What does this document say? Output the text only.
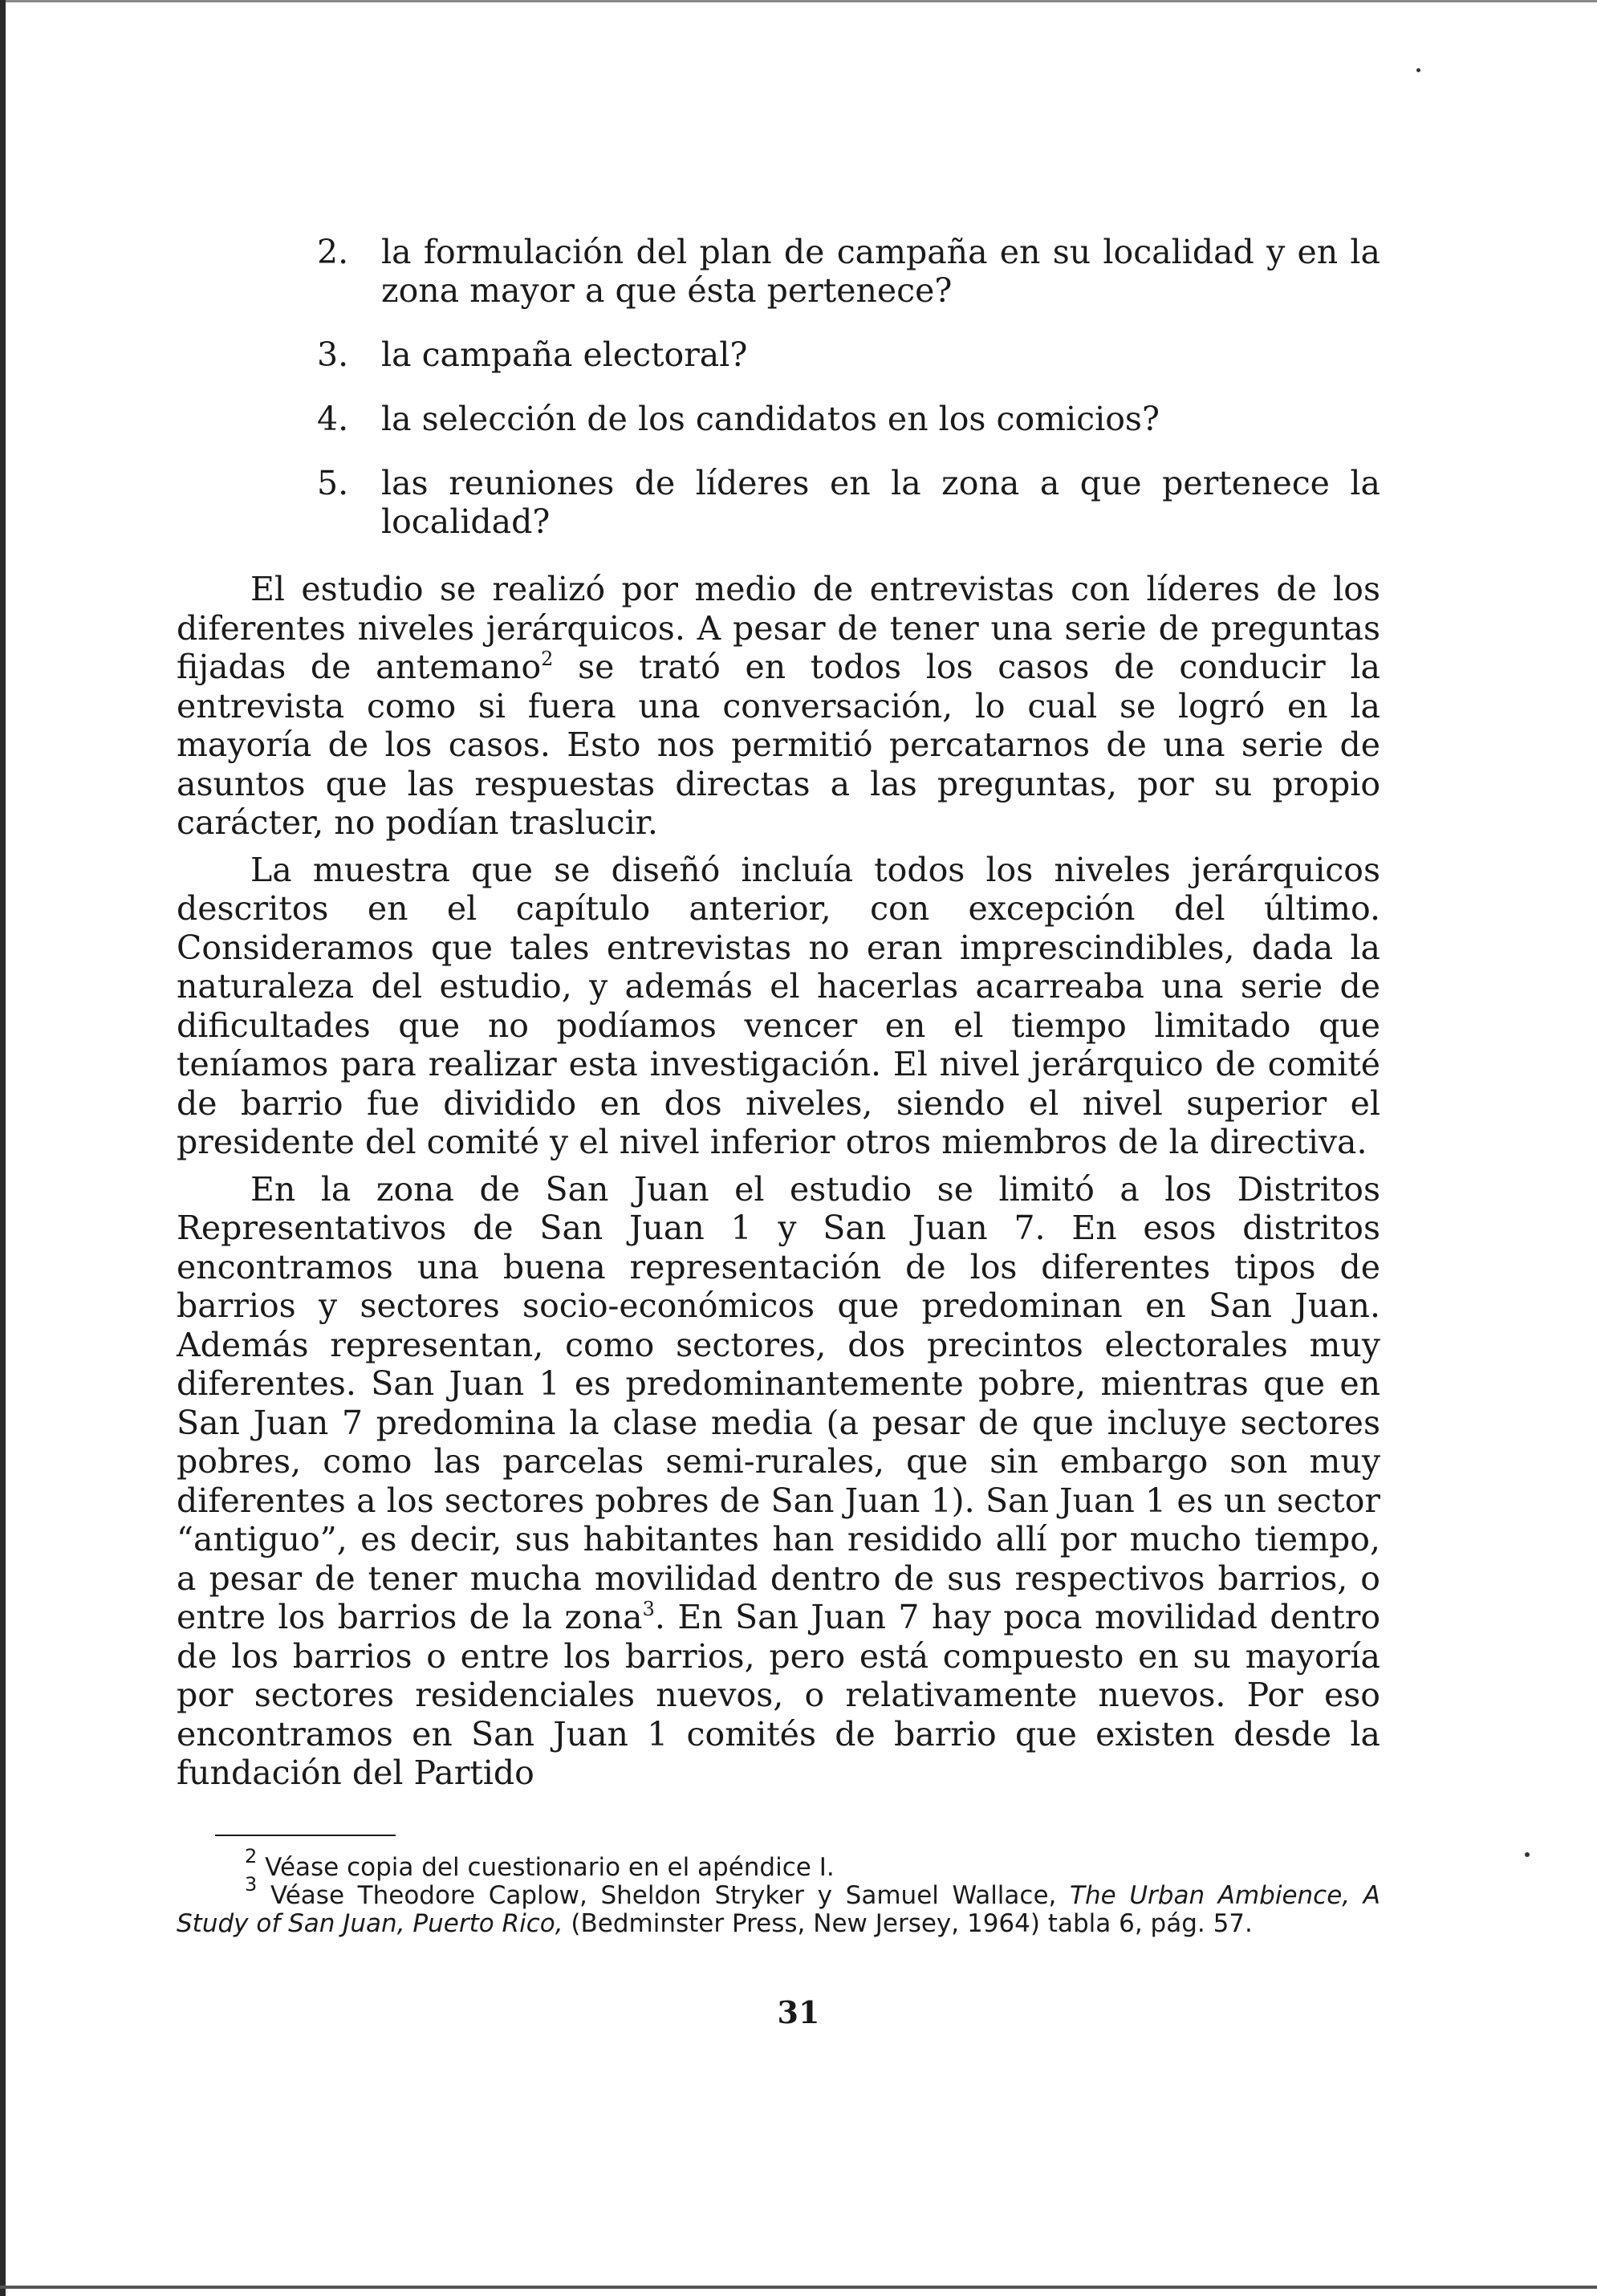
2. la formulación del plan de campaña en su localidad y en la zona mayor a que ésta pertenece?
3. la campaña electoral?
4. la selección de los candidatos en los comicios?
5. las reuniones de líderes en la zona a que pertenece la localidad?

El estudio se realizó por medio de entrevistas con líderes de los diferentes niveles jerárquicos. A pesar de tener una serie de preguntas fijadas de antemano$^2$ se trató en todos los casos de conducir la entrevista como si fuera una conversación, lo cual se logró en la mayoría de los casos. Esto nos permitió percatarnos de una serie de asuntos que las respuestas directas a las preguntas, por su propio carácter, no podían traslucir.

La muestra que se diseñó incluía todos los niveles jerárquicos descritos en el capítulo anterior, con excepción del último. Consideramos que tales entrevistas no eran imprescindibles, dada la naturaleza del estudio, y además el hacerlas acarreaba una serie de dificultades que no podíamos vencer en el tiempo limitado que teníamos para realizar esta investigación. El nivel jerárquico de comité de barrio fue dividido en dos niveles, siendo el nivel superior el presidente del comité y el nivel inferior otros miembros de la directiva.

En la zona de San Juan el estudio se limitó a los Distritos Representativos de San Juan 1 y San Juan 7. En esos distritos encontramos una buena representación de los diferentes tipos de barrios y sectores socio-económicos que predominan en San Juan. Además representan, como sectores, dos precintos electorales muy diferentes. San Juan 1 es predominantemente pobre, mientras que en San Juan 7 predomina la clase media (a pesar de que incluye sectores pobres, como las parcelas semi-rurales, que sin embargo son muy diferentes a los sectores pobres de San Juan 1). San Juan 1 es un sector “antiguo”, es decir, sus habitantes han residido allí por mucho tiempo, a pesar de tener mucha movilidad dentro de sus respectivos barrios, o entre los barrios de la zona$^3$. En San Juan 7 hay poca movilidad dentro de los barrios o entre los barrios, pero está compuesto en su mayoría por sectores residenciales nuevos, o relativamente nuevos. Por eso encontramos en San Juan 1 comités de barrio que existen desde la fundación del Partido

$^2$ Véase copia del cuestionario en el apéndice I.

$^3$ Véase Theodore Caplow, Sheldon Stryker y Samuel Wallace, The Urban Ambience, A Study of San Juan, Puerto Rico, (Bedminster Press, New Jersey, 1964) tabla 6, pág. 57.

31
